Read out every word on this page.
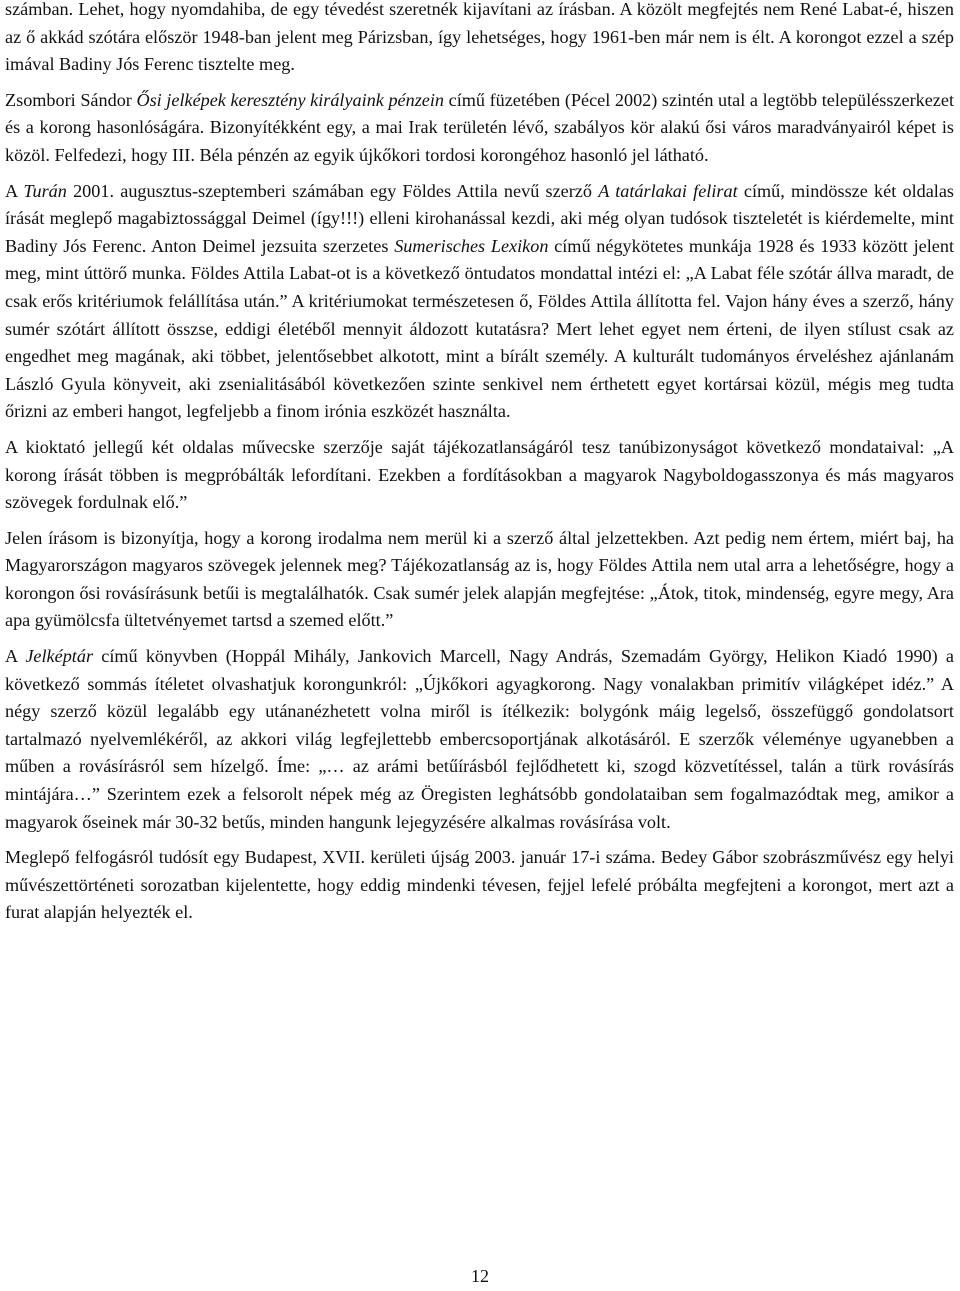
számban. Lehet, hogy nyomdahiba, de egy tévedést szeretnék kijavítani az írásban. A közölt megfejtés nem René Labat-é, hiszen az ő akkád szótára először 1948-ban jelent meg Párizsban, így lehetséges, hogy 1961-ben már nem is élt. A korongot ezzel a szép imával Badiny Jós Ferenc tisztelte meg.

Zsombori Sándor Ősi jelképek keresztény királyaink pénzein című füzetében (Pécel 2002) szintén utal a legtöbb településszerkezet és a korong hasonlóságára. Bizonyítékként egy, a mai Irak területén lévő, szabályos kör alakú ősi város maradványairól képet is közöl. Felfedezi, hogy III. Béla pénzén az egyik újkőkori tordosi korongéhoz hasonló jel látható.

A Turán 2001. augusztus-szeptemberi számában egy Földes Attila nevű szerző A tatárlakai felirat című, mindössze két oldalas írását meglepő magabiztossággal Deimel (így!!!) elleni kirohanással kezdi, aki még olyan tudósok tiszteletét is kiérdemelte, mint Badiny Jós Ferenc. Anton Deimel jezsuita szerzetes Sumerisches Lexikon című négykötetes munkája 1928 és 1933 között jelent meg, mint úttörő munka. Földes Attila Labat-ot is a következő öntudatos mondattal intézi el: „A Labat féle szótár állva maradt, de csak erős kritériumok felállítása után.” A kritériumokat természetesen ő, Földes Attila állította fel. Vajon hány éves a szerző, hány sumér szótárt állított összse, eddigi életéből mennyit áldozott kutatásra? Mert lehet egyet nem érteni, de ilyen stílust csak az engedhet meg magának, aki többet, jelentősebbet alkotott, mint a bírált személy. A kulturált tudományos érveléshez ajánlanám László Gyula könyveit, aki zsenialitásából következően szinte senkivel nem érthetett egyet kortársai közül, mégis meg tudta őrizni az emberi hangot, legfeljebb a finom irónia eszközét használta.

A kioktató jellegű két oldalas művecske szerzője saját tájékozatlanságáról tesz tanúbizonyságot következő mondataival: „A korong írását többen is megpróbálták lefordítani. Ezekben a fordításokban a magyarok Nagyboldogasszonya és más magyaros szövegek fordulnak elő.”

Jelen írásom is bizonyítja, hogy a korong irodalma nem merül ki a szerző által jelzettekben. Azt pedig nem értem, miért baj, ha Magyarországon magyaros szövegek jelennek meg? Tájékozatlanság az is, hogy Földes Attila nem utal arra a lehetőségre, hogy a korongon ősi rovásírásunk betűi is megtalálhatók. Csak sumér jelek alapján megfejtése: „Átok, titok, mindenség, egyre megy, Ara apa gyümölcsfa ültetvényemet tartsd a szemed előtt.”

A Jelképtár című könyvben (Hoppál Mihály, Jankovich Marcell, Nagy András, Szemadám György, Helikon Kiadó 1990) a következő sommás ítéletet olvashatjuk korongunkról: „Újkőkori agyagkorong. Nagy vonalakban primitív világképet idéz.” A négy szerző közül legalább egy utánanézhetett volna miről is ítélkezik: bolygónk máig legelső, összefüggő gondolatsort tartalmazó nyelvemlékéről, az akkori világ legfejlettebb embercsoportjának alkotásáról. E szerzők véleménye ugyanebben a műben a rovásírásról sem hízelgő. Íme: „… az arámi betűírásból fejlődhetett ki, szogd közvetítéssel, talán a türk rovásírás mintájára…” Szerintem ezek a felsorolt népek még az Öregisten leghátsóbb gondolataiban sem fogalmazódtak meg, amikor a magyarok őseinek már 30-32 betűs, minden hangunk lejegyzésére alkalmas rovásírása volt.

Meglepő felfogásról tudósít egy Budapest, XVII. kerületi újság 2003. január 17-i száma. Bedey Gábor szobrászművész egy helyi művészettörténeti sorozatban kijelentette, hogy eddig mindenki tévesen, fejjel lefelé próbálta megfejteni a korongot, mert azt a furat alapján helyezték el.

12
